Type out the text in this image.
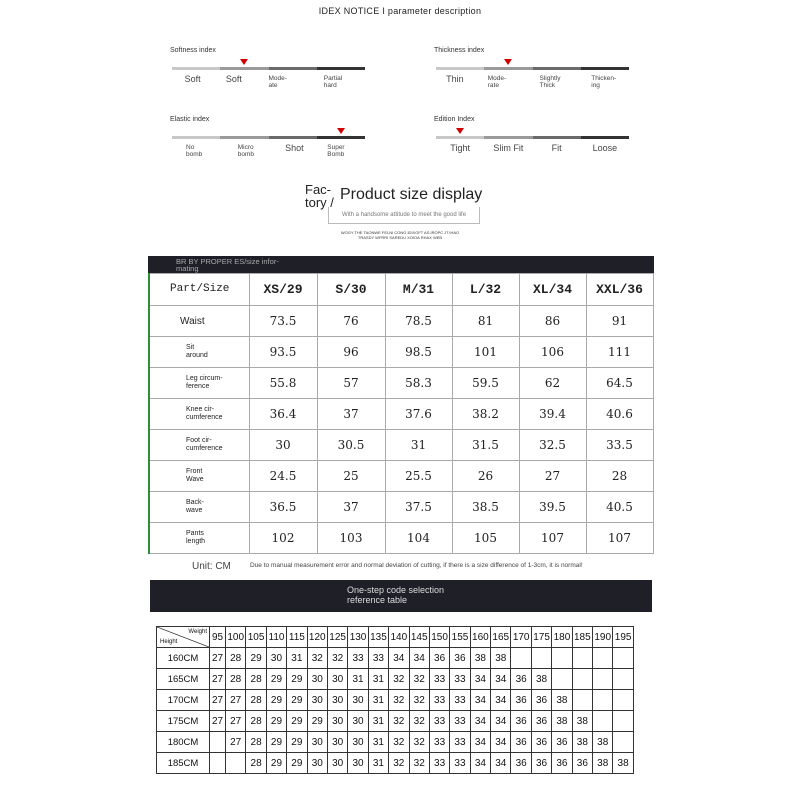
IDEX NOTICE I parameter description
Softness index
Soft	Soft	Mode-
ate
Partial
hard
Thickness index
Thin	Mode-
rate
Slightly
Thick
Thicken-
ing
Elastic index
No
bomb
Micro
bomb
Shot	Super
Bomb
Edition Index
Tight	Slim Fit	Fit	Loose
Fac-
tory / Product size display
With a handsome attitude to meet the good life
WOGY THE TAONWE FELNI CONG IDIXGFT AS.IROPC JT.IHAO TRASDY WFRRI SAREDU XOIOA RHAX WEB
BR BY PROPER ES/size infor-
mating
Part/Size	XS/29	S/30	M/31	L/32	XL/34	XXL/36
Waist	73.5	76	78.5	81	86	91
Sit
around	93.5	96	98.5	101	106	111
Leg circum-
ference	55.8	57	58.3	59.5	62	64.5
Knee cir-
cumference	36.4	37	37.6	38.2	39.4	40.6
Foot cir-
cumference	30	30.5	31	31.5	32.5	33.5
Front
Wave	24.5	25	25.5	26	27	28
Back-
wave	36.5	37	37.5	38.5	39.5	40.5
Pants
length	102	103	104	105	107	107
Unit: CM	Due to manual measurement error and normal deviation of cutting, if there is a size difference of 1-3cm, it is normal!
One-step code selection
reference table
Weight
Height	95	100	105	110	115	120	125	130	135	140	145	150	155	160	165	170	175	180	185	190	195
160CM	27	28	29	30	31	32	32	33	33	34	34	36	36	38	38						
165CM	27	28	28	29	29	30	30	31	31	32	32	33	33	34	34	36	38				
170CM	27	27	28	29	29	30	30	30	31	32	32	33	33	34	34	36	36	38			
175CM	27	27	28	29	29	29	30	30	31	32	32	33	33	34	34	36	36	38	38		
180CM		27	28	29	29	30	30	30	31	32	32	33	33	34	34	36	36	36	38	38	
185CM			28	29	29	30	30	30	31	32	32	33	33	34	34	36	36	36	36	38	38
